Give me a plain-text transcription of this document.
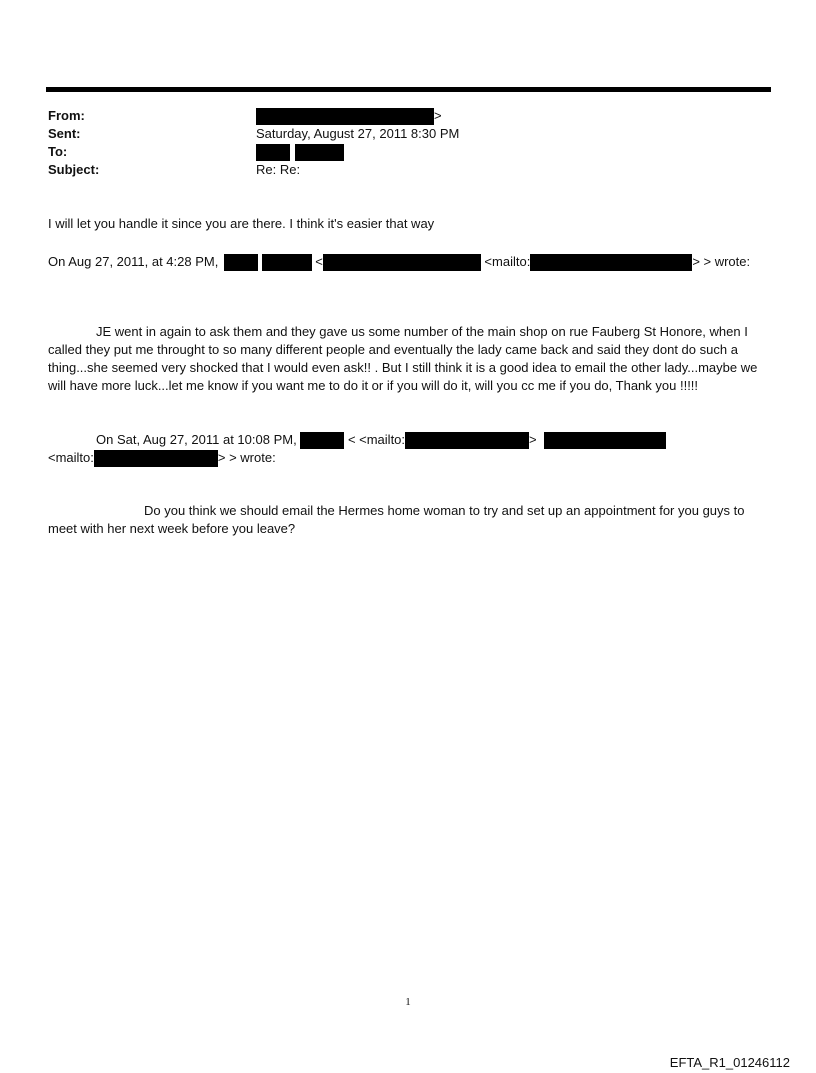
From:	>
Sent:	Saturday, August 27, 2011 8:30 PM
To:

Subject:	Re: Re:
I will let you handle it since you are there. I think it's easier that way
On Aug 27, 2011, at 4:28 PM,	<	<mailto:	> > wrote:
JE went in again to ask them and they gave us some number of the main shop on rue Fauberg St Honore, when I called they put me throught to so many different people and eventually the lady came back and said they dont do such a thing...she seemed very shocked that I would even ask!! . But I still think it is a good idea to email the other lady...maybe we will have more luck...let me know if you want me to do it or if you will do it, will you cc me if you do, Thank you !!!!!
On Sat, Aug 27, 2011 at 10:08 PM,	< <mailto:	>
<mailto:	> > wrote:
Do you think we should email the Hermes home woman to try and set up an appointment for you guys to meet with her next week before you leave?
1
EFTA_R1_01246112
